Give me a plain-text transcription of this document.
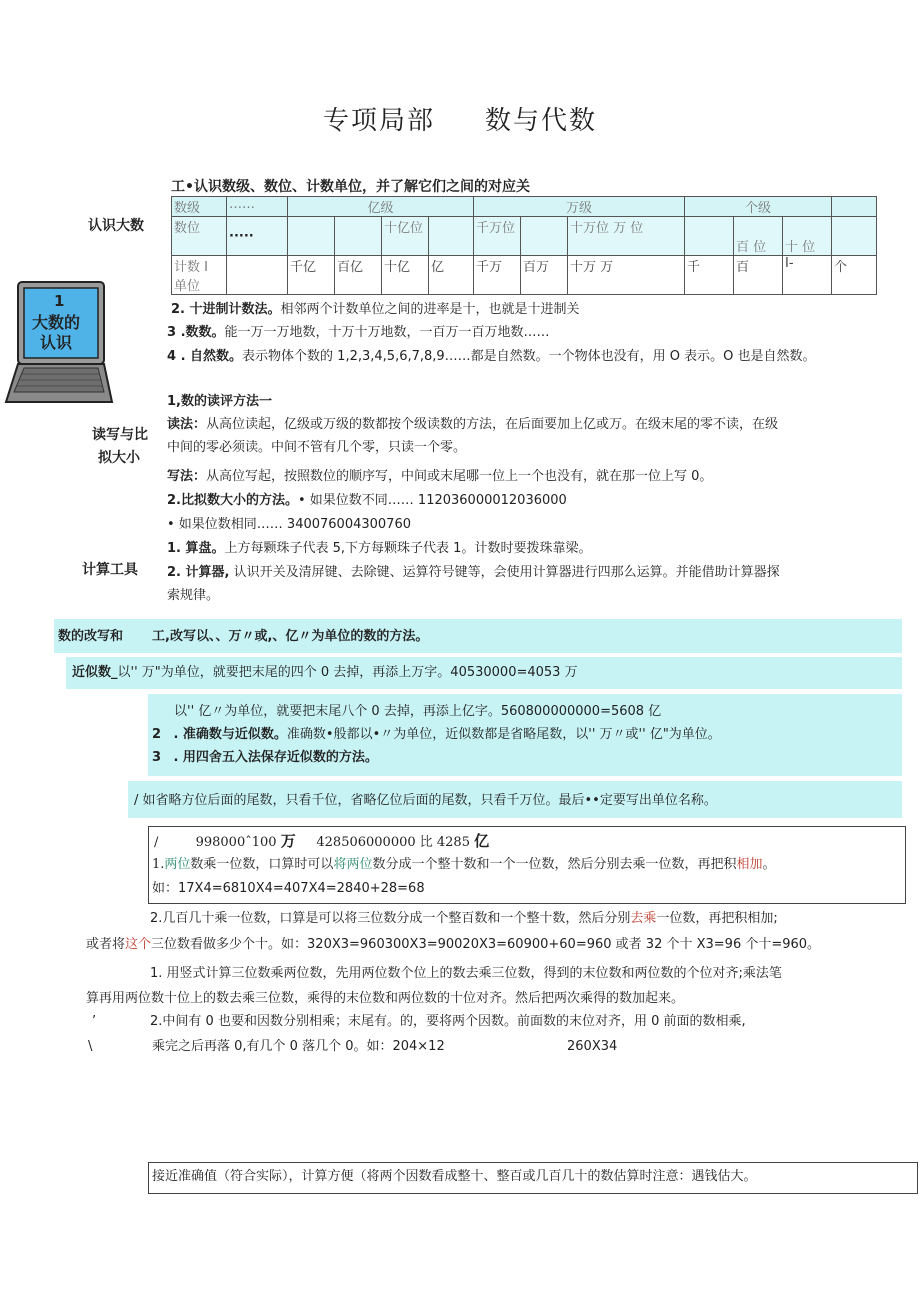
专项局部 数与代数
认识大数
读写与比
拟大小
计算工具
1
大数的
认识
工•认识数级、数位、计数单位，并了解它们之间的对应关
数级	……	亿级				万级			个级			
数位	·····			十亿位		千万位		十万位 万 位		百 位	十 位	
计数 I 单位		千亿	百亿	十亿	亿	千万	百万	十万 万	千	百	I-	个
2. 十进制计数法。相邻两个计数单位之间的进率是十，也就是十进制关
3 .数数。能一万一万地数，十万十万地数，一百万一百万地数……
4 . 自然数。表示物体个数的 1,2,3,4,5,6,7,8,9……都是自然数。一个物体也没有，用 O 表示。O 也是自然数。
1,数的读评方法一
读法：从高位读起，亿级或万级的数都按个级读数的方法，在后面要加上亿或万。在级末尾的零不读，在级
中间的零必须读。中间不管有几个零，只读一个零。
写法：从高位写起，按照数位的顺序写，中间或末尾哪一位上一个也没有，就在那一位上写 0。
2.比拟数大小的方法。• 如果位数不同…… 112036000012036000
• 如果位数相同…… 340076004300760
1. 算盘。上方每颗珠子代表 5,下方每颗珠子代表 1。计数时要拨珠靠梁。
2. 计算器, 认识开关及清屏键、去除键、运算符号键等，会使用计算器进行四那么运算。并能借助计算器探
索规律。
数的改写和 工,改写以、、万〃或,、亿〃为单位的数的方法。
近似数_以'' 万"为单位，就要把末尾的四个 0 去掉，再添上万字。40530000=4053 万
以'' 亿〃为单位，就要把末尾八个 0 去掉，再添上亿字。560800000000=5608 亿
2 . 准确数与近似数。准确数•般都以•〃为单位，近似数都是省略尾数，以'' 万〃或'' 亿"为单位。
3 . 用四舍五入法保存近似数的方法。
/ 如省略方位后面的尾数，只看千位，省略亿位后面的尾数，只看千万位。最后••定要写出单位名称。
/	998000ˆ100 万 428506000000 比 4285 亿
1.两位数乘一位数，口算时可以将两位数分成一个整十数和一个一位数，然后分别去乘一位数，再把积相加。
如：17X4=6810X4=407X4=2840+28=68
2.几百几十乘一位数，口算是可以将三位数分成一个整百数和一个整十数，然后分别去乘一位数，再把积相加;
或者将这个三位数看做多少个十。如：320X3=960300X3=90020X3=60900+60=960 或者 32 个十 X3=96 个十=960。
1. 用竖式计算三位数乘两位数，先用两位数个位上的数去乘三位数，得到的末位数和两位数的个位对齐;乘法笔
算再用两位数十位上的数去乘三位数，乘得的末位数和两位数的十位对齐。然后把两次乘得的数加起来。
’	2.中间有 0 也要和因数分别相乘；末尾有。的，要将两个因数。前面数的末位对齐，用 0 前面的数相乘,
\	乘完之后再落 0,有几个 0 落几个 0。如：204×12	260X34
接近准确值（符合实际），计算方便（将两个因数看成整十、整百或几百几十的数估算时注意：遇钱估大。
